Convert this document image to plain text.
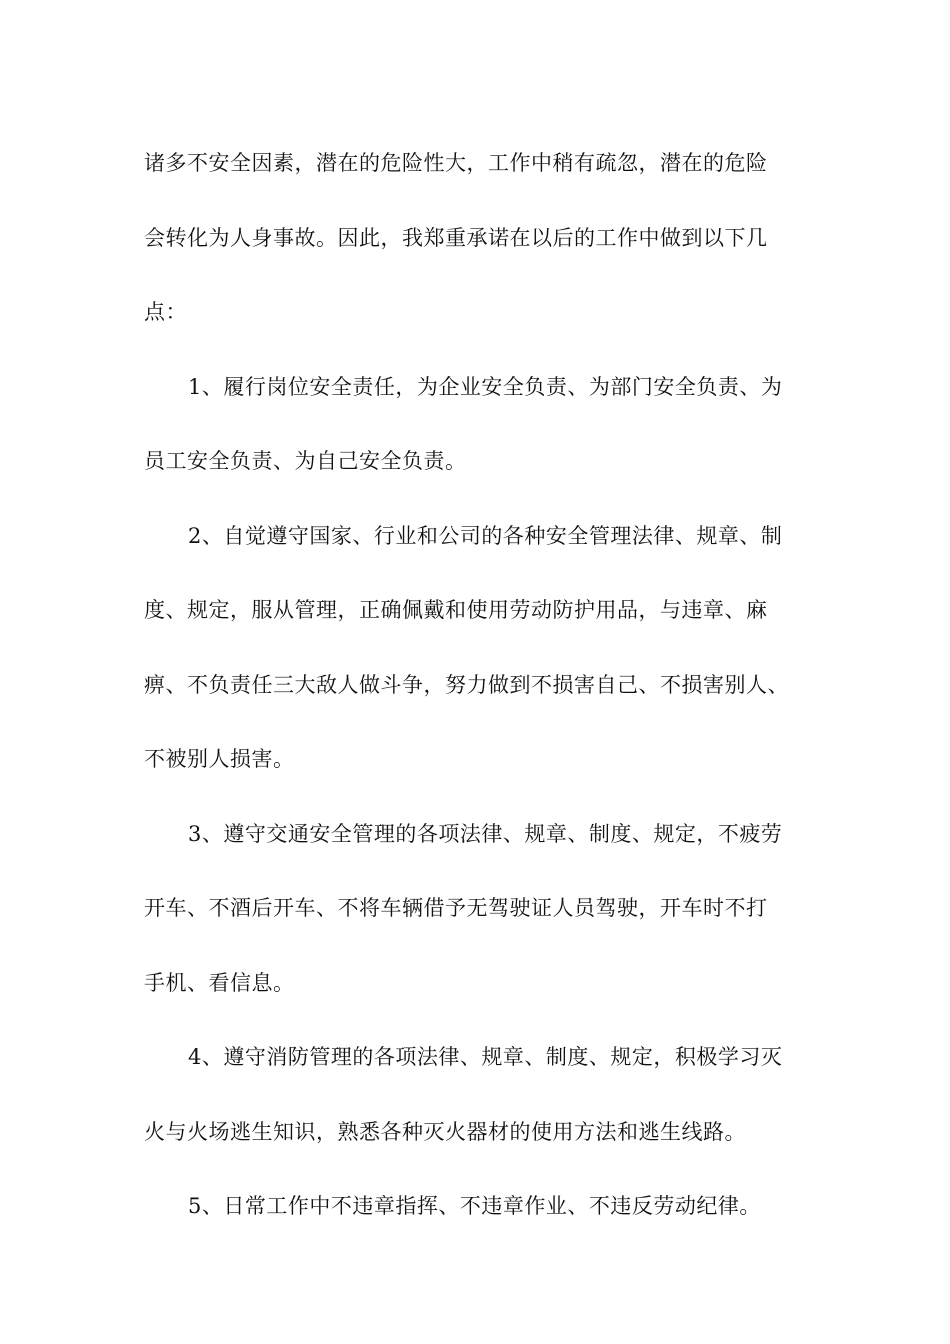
诸多不安全因素，潜在的危险性大，工作中稍有疏忽，潜在的危险
会转化为人身事故。因此，我郑重承诺在以后的工作中做到以下几
点：
1、履行岗位安全责任，为企业安全负责、为部门安全负责、为
员工安全负责、为自己安全负责。
2、自觉遵守国家、行业和公司的各种安全管理法律、规章、制
度、规定，服从管理，正确佩戴和使用劳动防护用品，与违章、麻
痹、不负责任三大敌人做斗争，努力做到不损害自己、不损害别人、
不被别人损害。
3、遵守交通安全管理的各项法律、规章、制度、规定，不疲劳
开车、不酒后开车、不将车辆借予无驾驶证人员驾驶，开车时不打
手机、看信息。
4、遵守消防管理的各项法律、规章、制度、规定，积极学习灭
火与火场逃生知识，熟悉各种灭火器材的使用方法和逃生线路。
5、日常工作中不违章指挥、不违章作业、不违反劳动纪律。
